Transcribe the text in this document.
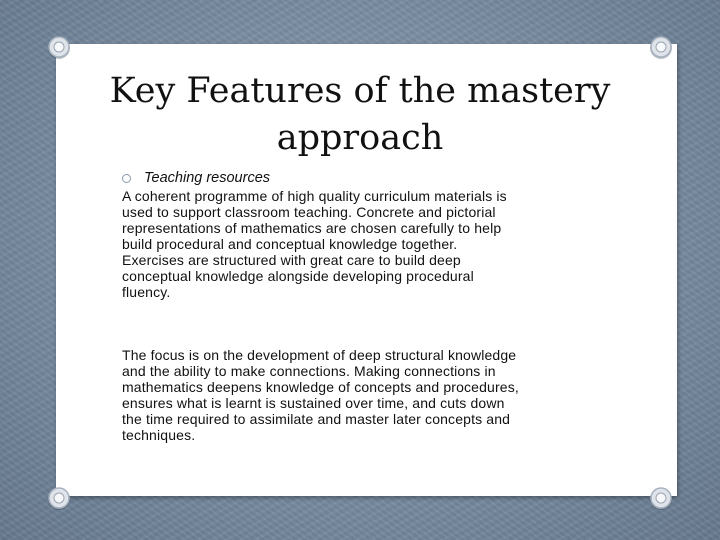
Key Features of the mastery
approach
Teaching resources

A coherent programme of high quality curriculum materials is
used to support classroom teaching. Concrete and pictorial
representations of mathematics are chosen carefully to help
build procedural and conceptual knowledge together.
Exercises are structured with great care to build deep
conceptual knowledge alongside developing procedural
fluency.

The focus is on the development of deep structural knowledge
and the ability to make connections. Making connections in
mathematics deepens knowledge of concepts and procedures,
ensures what is learnt is sustained over time, and cuts down
the time required to assimilate and master later concepts and
techniques.
